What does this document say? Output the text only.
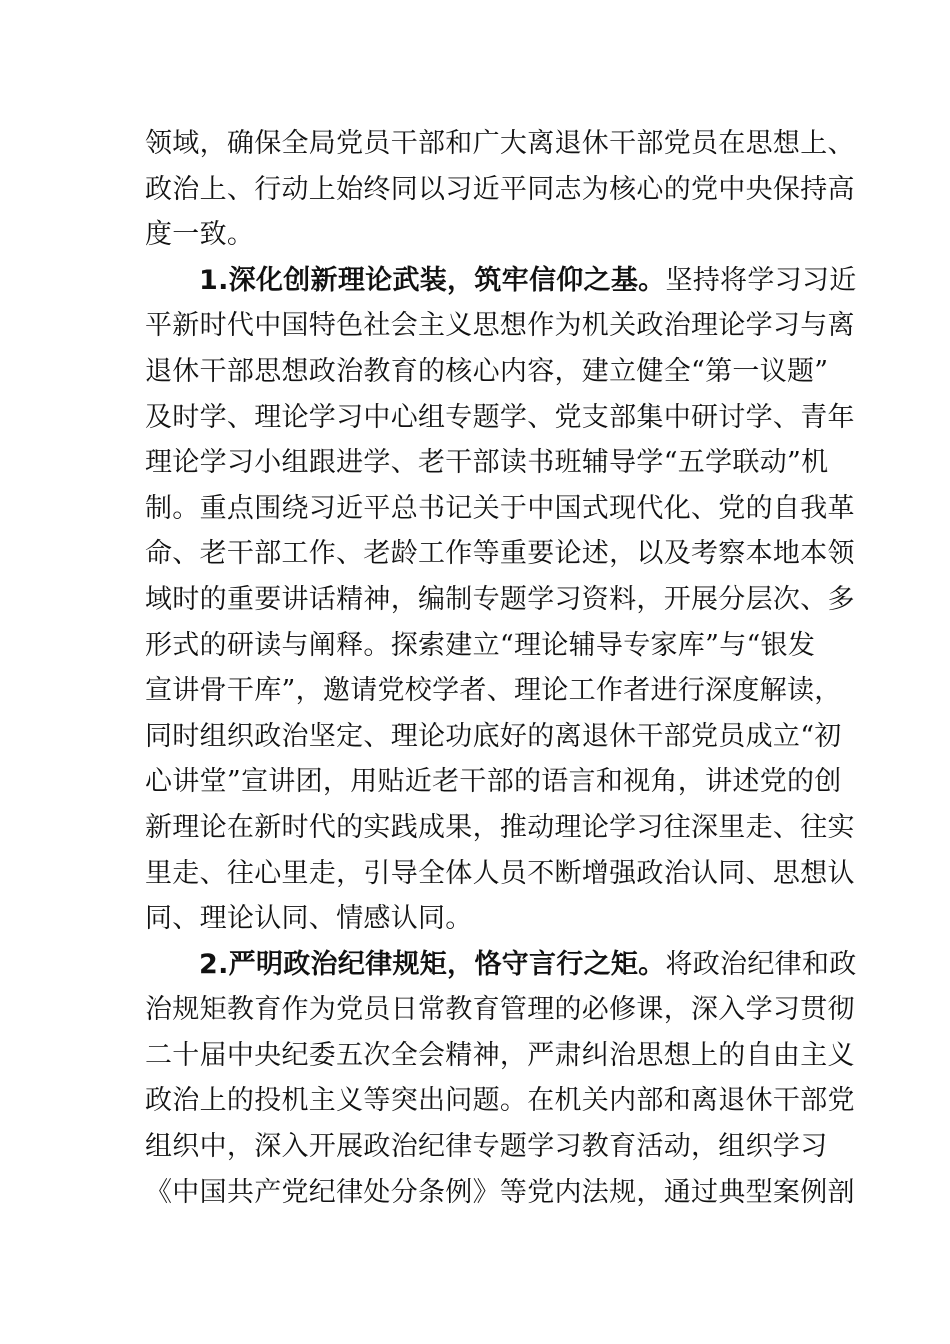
领域，确保全局党员干部和广大离退休干部党员在思想上、
政治上、行动上始终同以习近平同志为核心的党中央保持高
度一致。
1.深化创新理论武装，筑牢信仰之基。坚持将学习习近
平新时代中国特色社会主义思想作为机关政治理论学习与离
退休干部思想政治教育的核心内容，建立健全“第一议题”
及时学、理论学习中心组专题学、党支部集中研讨学、青年
理论学习小组跟进学、老干部读书班辅导学“五学联动”机
制。重点围绕习近平总书记关于中国式现代化、党的自我革
命、老干部工作、老龄工作等重要论述，以及考察本地本领
域时的重要讲话精神，编制专题学习资料，开展分层次、多
形式的研读与阐释。探索建立“理论辅导专家库”与“银发
宣讲骨干库”，邀请党校学者、理论工作者进行深度解读，
同时组织政治坚定、理论功底好的离退休干部党员成立“初
心讲堂”宣讲团，用贴近老干部的语言和视角，讲述党的创
新理论在新时代的实践成果，推动理论学习往深里走、往实
里走、往心里走，引导全体人员不断增强政治认同、思想认
同、理论认同、情感认同。
2.严明政治纪律规矩，恪守言行之矩。将政治纪律和政
治规矩教育作为党员日常教育管理的必修课，深入学习贯彻
二十届中央纪委五次全会精神，严肃纠治思想上的自由主义
政治上的投机主义等突出问题。在机关内部和离退休干部党
组织中，深入开展政治纪律专题学习教育活动，组织学习
《中国共产党纪律处分条例》等党内法规，通过典型案例剖
